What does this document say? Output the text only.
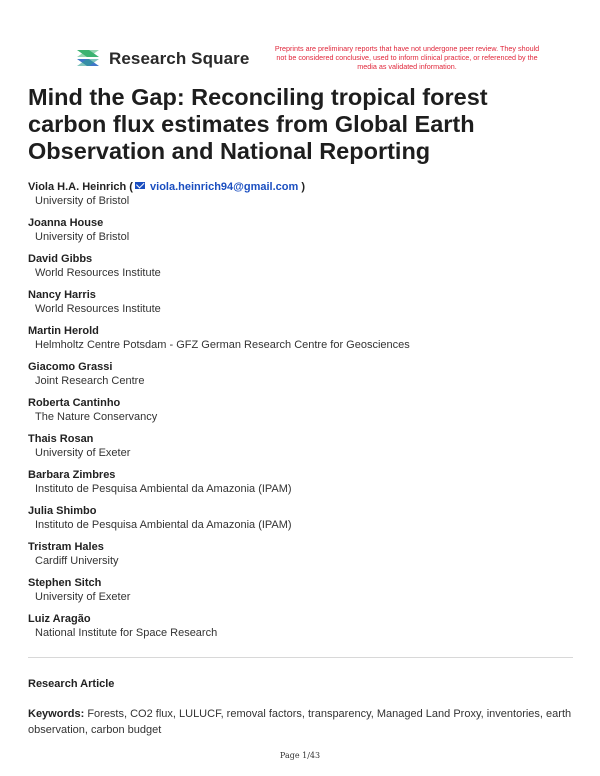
Research Square
Preprints are preliminary reports that have not undergone peer review. They should not be considered conclusive, used to inform clinical practice, or referenced by the media as validated information.
Mind the Gap: Reconciling tropical forest carbon flux estimates from Global Earth Observation and National Reporting
Viola H.A. Heinrich ( viola.heinrich94@gmail.com )
University of Bristol
Joanna House
University of Bristol
David Gibbs
World Resources Institute
Nancy Harris
World Resources Institute
Martin Herold
Helmholtz Centre Potsdam - GFZ German Research Centre for Geosciences
Giacomo Grassi
Joint Research Centre
Roberta Cantinho
The Nature Conservancy
Thais Rosan
University of Exeter
Barbara Zimbres
Instituto de Pesquisa Ambiental da Amazonia (IPAM)
Julia Shimbo
Instituto de Pesquisa Ambiental da Amazonia (IPAM)
Tristram Hales
Cardiff University
Stephen Sitch
University of Exeter
Luiz Aragão
National Institute for Space Research
Research Article
Keywords: Forests, CO2 flux, LULUCF, removal factors, transparency, Managed Land Proxy, inventories, earth observation, carbon budget
Page 1/43
